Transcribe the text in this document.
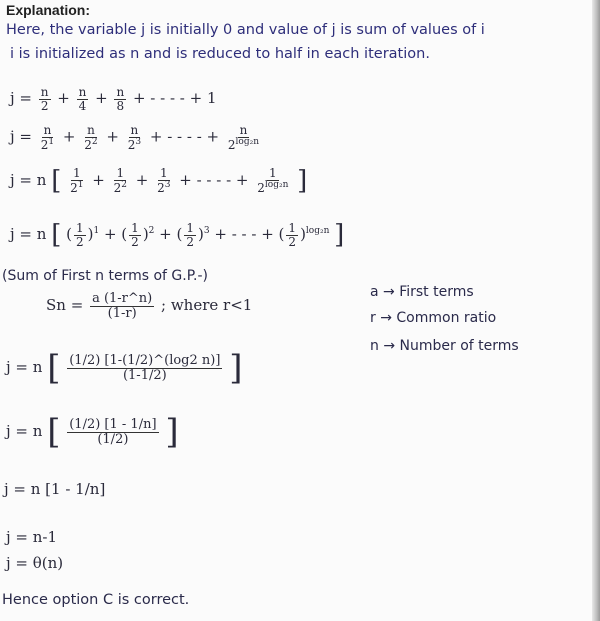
Explanation:
Here, the variable j is initially 0 and value of j is sum of values of i
i is initialized as n and is reduced to half in each iteration.
$j = \frac{n}{2} + \frac{n}{4} + \frac{n}{8}$ + - - - - + 1
$j = \frac{n}{2^1} + \frac{n}{2^2} + \frac{n}{2^3}$ + - - - - + $\frac{n}{2^{log_2n}}$
j = n [ $\frac{1}{2^1} + \frac{1}{2^2} + \frac{1}{2^3}$ + - - - - + $\frac{1}{2^{log_2n}}$ ]
j = n [ ( $\frac{1}{2} )^1$ + ( $\frac{1}{2} )^2$ + ( $\frac{1}{2} )^3$ + - - - + ( $\frac{1}{2} )^{log_2n}$ ]
(Sum of First n terms of G.P.-)
$Sn = \frac{a (1-r\^{}n)}{(1-r)}$ ; where r<1
a → First terms
r → Common ratio
n → Number of terms
j = n [ $\frac{(1/2) [1-(1/2)\^{}(\log 2 n)]}{(1-1/2)}$ ]
j = n [ $\frac{(1/2) [1 - 1/n]}{(1/2)}$ ]
j = n [1 - 1/n]
j = n-1
j = θ(n)
Hence option C is correct.
